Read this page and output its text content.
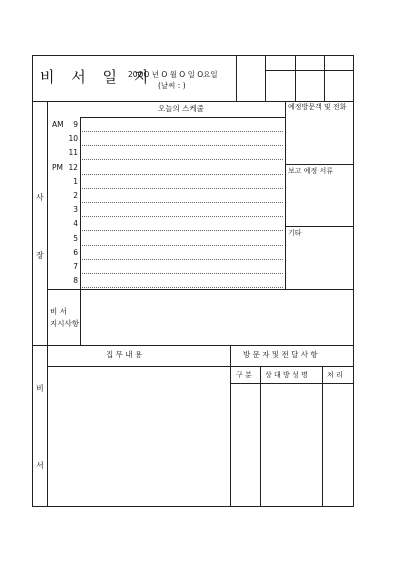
비 서 일 지
20OO 년 O 월 O 일 O요일
(날씨 : )
사
장
오늘의 스케줄
AM
PM
9
10
11
12
1
2
3
4
5
6
7
8
예정방문객 및 전화
보고 예정 서류
기타
비 서
지시사항
비
서
집 무 내 용	방 문 자 및 전 달 사 항
구 분 상 대 방 성 명	처 리
